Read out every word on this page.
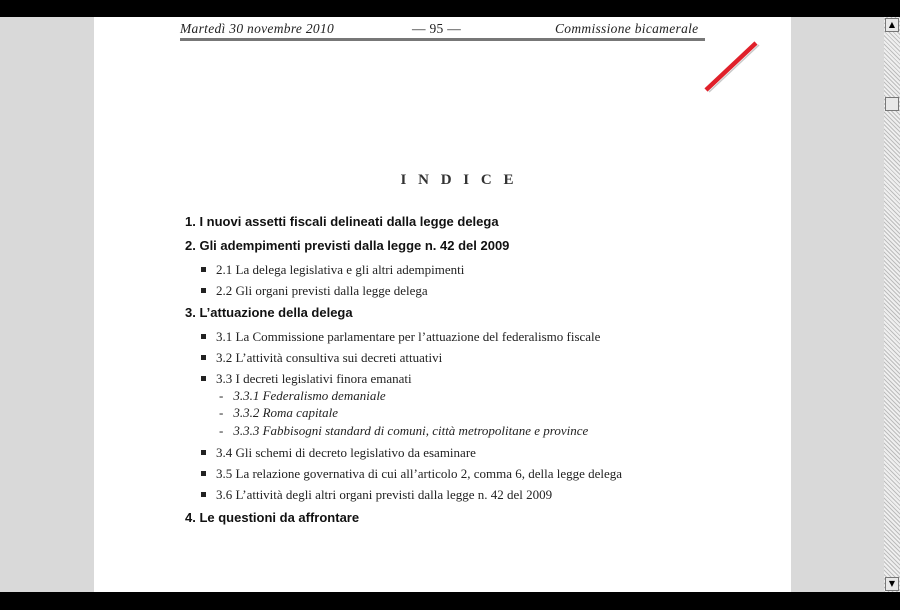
Martedì 30 novembre 2010	— 95 —	Commissione bicamerale
I N D I C E
1. I nuovi assetti fiscali delineati dalla legge delega
2. Gli adempimenti previsti dalla legge n. 42 del 2009
2.1 La delega legislativa e gli altri adempimenti
2.2 Gli organi previsti dalla legge delega
3. L’attuazione della delega
3.1 La Commissione parlamentare per l’attuazione del federalismo fiscale
3.2 L’attività consultiva sui decreti attuativi
3.3 I decreti legislativi finora emanati
- 3.3.1 Federalismo demaniale
- 3.3.2 Roma capitale
- 3.3.3 Fabbisogni standard di comuni, città metropolitane e province
3.4 Gli schemi di decreto legislativo da esaminare
3.5 La relazione governativa di cui all’articolo 2, comma 6, della legge delega
3.6 L’attività degli altri organi previsti dalla legge n. 42 del 2009
4. Le questioni da affrontare
▲
▼
